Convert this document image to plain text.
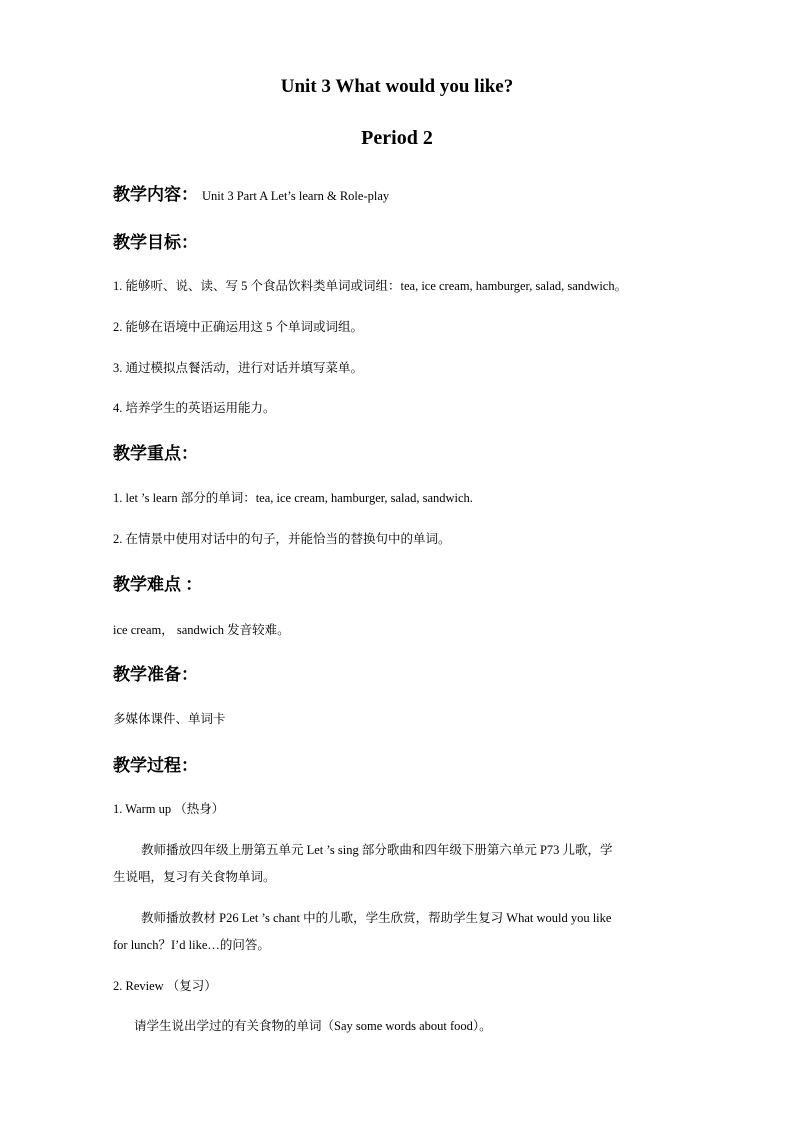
Unit 3 What would you like?
Period 2
教学内容： Unit 3 Part A Let’s learn & Role-play
教学目标：
1. 能够听、说、读、写 5 个食品饮料类单词或词组：tea, ice cream, hamburger, salad, sandwich。
2. 能够在语境中正确运用这 5 个单词或词组。
3. 通过模拟点餐活动，进行对话并填写菜单。
4. 培养学生的英语运用能力。
教学重点：
1. let ’s learn 部分的单词：tea, ice cream, hamburger, salad, sandwich.
2. 在情景中使用对话中的句子，并能恰当的替换句中的单词。
教学难点 ：
ice cream， sandwich 发音较难。
教学准备：
多媒体课件、单词卡
教学过程：
1. Warm up （热身）
教师播放四年级上册第五单元 Let ’s sing 部分歌曲和四年级下册第六单元 P73 儿歌，学
生说唱，复习有关食物单词。
教师播放教材 P26 Let ’s chant 中的儿歌，学生欣赏，帮助学生复习 What would you like
for lunch？I’d like…的问答。
2. Review （复习）
请学生说出学过的有关食物的单词（Say some words about food）。
